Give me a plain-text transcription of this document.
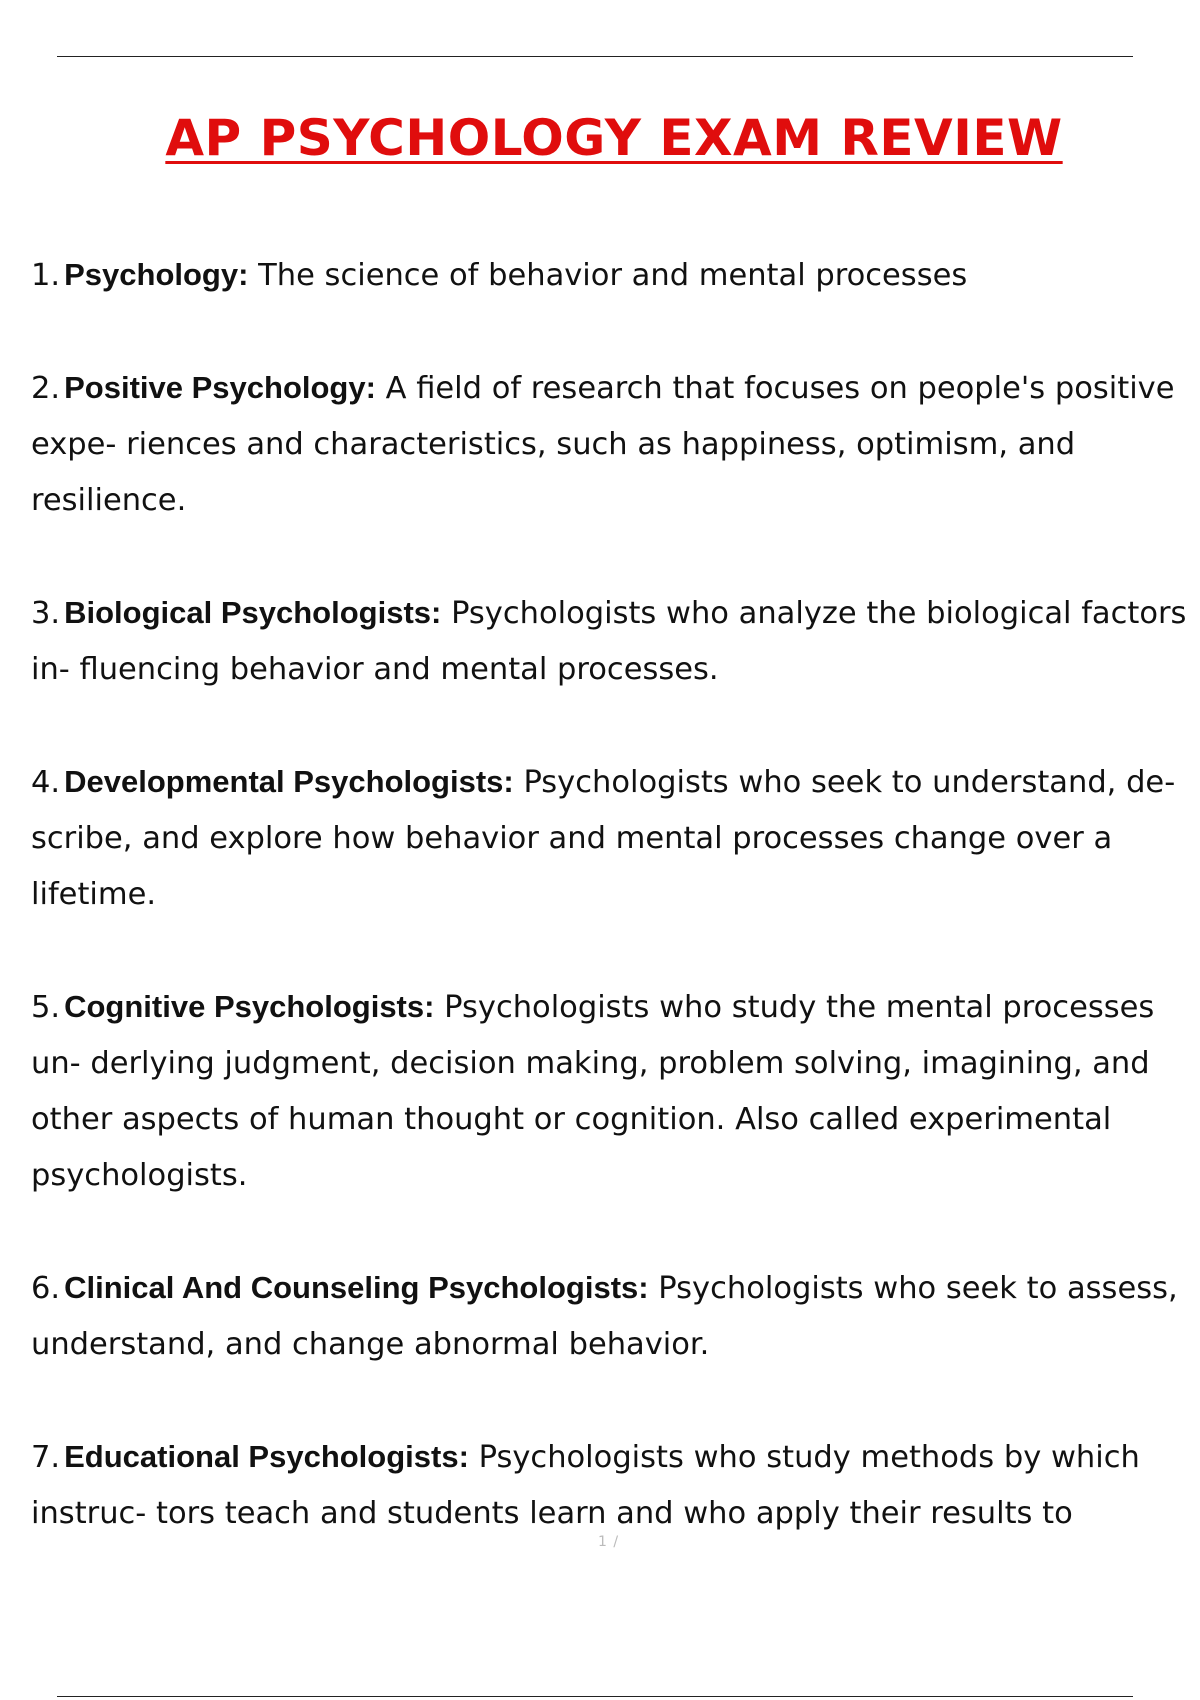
AP PSYCHOLOGY EXAM REVIEW
1. Psychology: The science of behavior and mental processes
2. Positive Psychology: A field of research that focuses on people's positive expe- riences and characteristics, such as happiness, optimism, and resilience.
3. Biological Psychologists: Psychologists who analyze the biological factors in- fluencing behavior and mental processes.
4. Developmental Psychologists: Psychologists who seek to understand, de- scribe, and explore how behavior and mental processes change over a lifetime.
5. Cognitive Psychologists: Psychologists who study the mental processes un- derlying judgment, decision making, problem solving, imagining, and other aspects of human thought or cognition. Also called experimental psychologists.
6. Clinical And Counseling Psychologists: Psychologists who seek to assess, understand, and change abnormal behavior.
7. Educational Psychologists: Psychologists who study methods by which instruc- tors teach and students learn and who apply their results to
1 /
